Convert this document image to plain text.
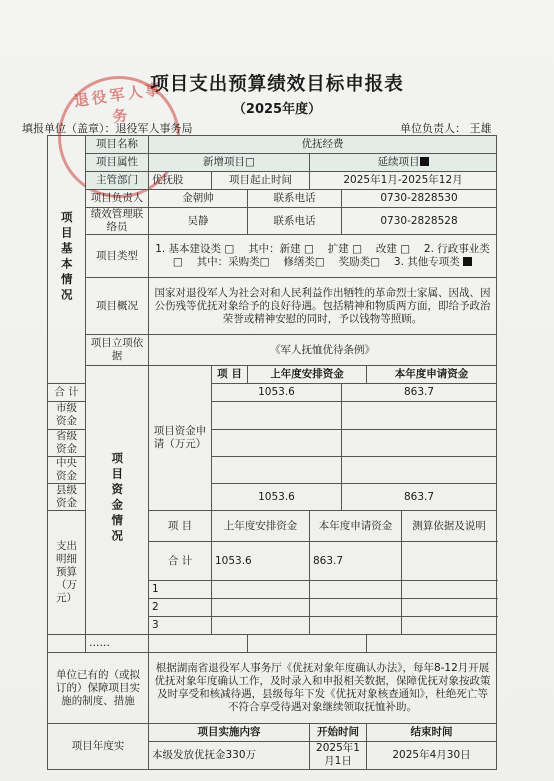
退役军人事务
项目支出预算绩效目标申报表
（2025年度）
填报单位（盖章）：退役军人事务局	单位负责人： 王雄
项目基本情况	项目名称	优抚经费						
	项目属性	新增项目□			延续项目			
	主管部门	优抚股	项目起止时间		2025年1月-2025年12月			
	项目负责人	金朝帅		联系电话		0730-2828530		
	绩效管理联络员	吴静		联系电话		0730-2828528		
	项目类型	1. 基本建设类 □　 其中：新建 □　 扩建 □　 改建 □　 2. 行政事业类 □　 其中：采购类□　 修缮类□　 奖励类□　 3. 其他专项类						
	项目概况	国家对退役军人为社会对和人民利益作出牺牲的革命烈士家属、因战、因公伤残等优抚对象给予的良好待遇。包括精神和物质两方面，即给予政治荣誉或精神安慰的同时，予以钱物等照顾。						
	项目立项依据	《军人抚恤优待条例》						
	项目资金情况	项目资金申请（万元）	项 目	上年度安排资金			本年度申请资金	
合 计			1053.6			863.7		
市级资金								
省级资金								
中央资金								
县级资金			1053.6			863.7		
支出明细预算（万元）		项 目	上年度安排资金		本年度申请资金			测算依据及说明
		合 计	1053.6		863.7			
		1						
		2						
		3						
	……							
单位已有的（或拟订的）保障项目实施的制度、措施		根据湖南省退役军人事务厅《优抚对象年度确认办法》，每年8-12月开展优抚对象年度确认工作，及时录入和申报相关数据，保障优抚对象按政策及时享受和核减待遇，县级每年下发《优抚对象核查通知》，杜绝死亡等不符合享受待遇对象继续领取抚恤补助。						
项目年度实		项目实施内容			开始时间		结束时间	
		本级发放优抚金330万			2025年1月1日		2025年4月30日	
